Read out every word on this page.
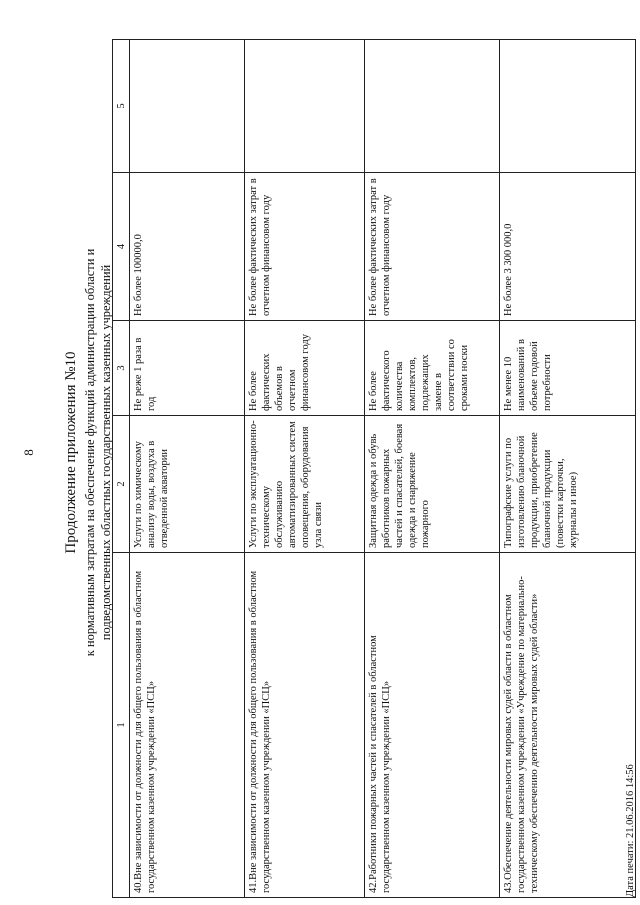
8 Продолжение приложения №10 к нормативным затратам на обеспечение функций администрации области и подведомственных областных государственных казенных учреждений
1	2	3	4	5
40.Вне зависимости от должности для общего пользования в областном государственном казенном учреждении «ПСЦ»	Услуги по химическому анализу воды, воздуха в отведенной акватории	Не реже 1 раза в год	Не более 100000,0	
41.Вне зависимости от должности для общего пользования в областном государственном казенном учреждении «ПСЦ»	Услуги по эксплуатационно-техническому обслуживанию автоматизированных систем оповещения, оборудования узла связи	Не более фактических объемов в отчетном финансовом году	Не более фактических затрат в отчетном финансовом году	
42.Работники пожарных частей и спасателей в областном государственном казенном учреждении «ПСЦ»	Защитная одежда и обувь работников пожарных частей и спасателей, боевая одежда и снаряжение пожарного	Не более фактического количества комплектов, подлежащих замене в соответствии со сроками носки	Не более фактических затрат в отчетном финансовом году	
43.Обеспечение деятельности мировых судей области в областном государственном казенном учреждении «Учреждение по материально-техническому обеспечению деятельности мировых судей области»	Типографские услуги по изготовлению бланочной продукции, приобретение бланочной продукции (повестки карточки, журналы и иное)	Не менее 10 наименований в объеме годовой потребности	Не более 3 300 000,0	
Дата печати: 21.06.2016 14:56
